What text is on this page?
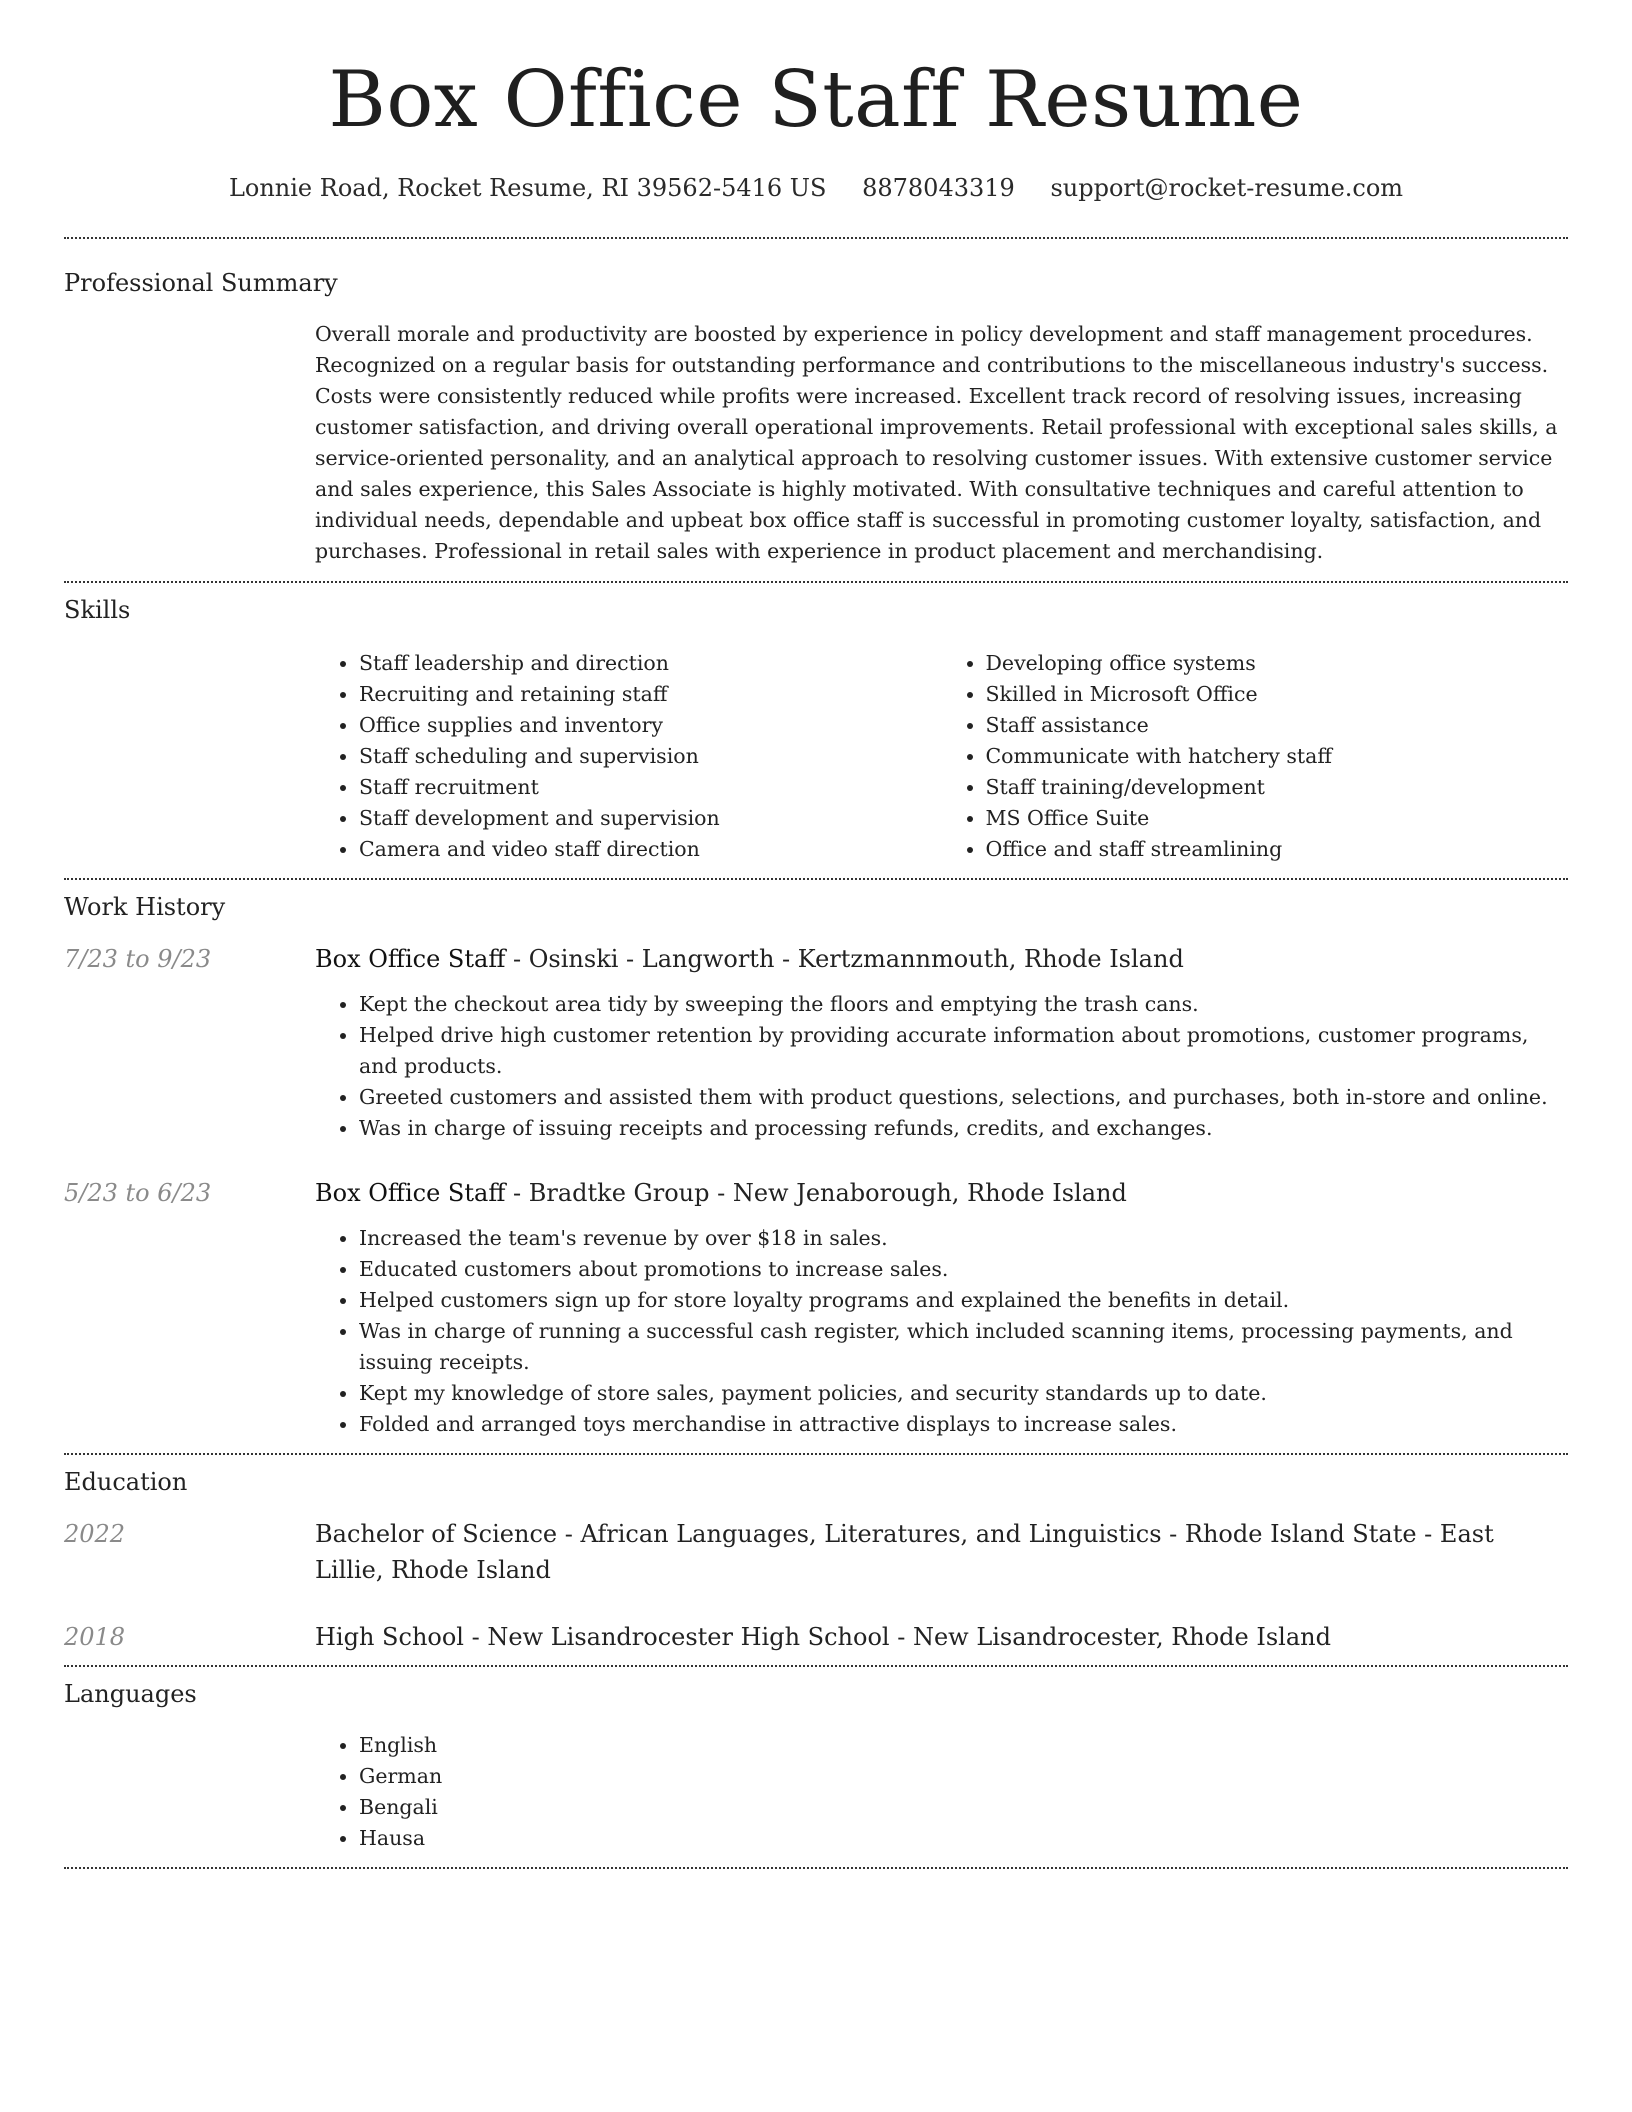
Box Office Staff Resume
Lonnie Road, Rocket Resume, RI 39562-5416 US 8878043319 support@rocket-resume.com
Professional Summary

Overall morale and productivity are boosted by experience in policy development and staff management procedures. Recognized on a regular basis for outstanding performance and contributions to the miscellaneous industry's success. Costs were consistently reduced while profits were increased. Excellent track record of resolving issues, increasing customer satisfaction, and driving overall operational improvements. Retail professional with exceptional sales skills, a service-oriented personality, and an analytical approach to resolving customer issues. With extensive customer service and sales experience, this Sales Associate is highly motivated. With consultative techniques and careful attention to individual needs, dependable and upbeat box office staff is successful in promoting customer loyalty, satisfaction, and purchases. Professional in retail sales with experience in product placement and merchandising.

Skills
• Staff leadership and direction
• Recruiting and retaining staff
• Office supplies and inventory
• Staff scheduling and supervision
• Staff recruitment
• Staff development and supervision
• Camera and video staff direction
• Developing office systems
• Skilled in Microsoft Office
• Staff assistance
• Communicate with hatchery staff
• Staff training/development
• MS Office Suite
• Office and staff streamlining
Work History
7/23 to 9/23	Box Office Staff - Osinski - Langworth - Kertzmannmouth, Rhode Island

• Kept the checkout area tidy by sweeping the floors and emptying the trash cans.
• Helped drive high customer retention by providing accurate information about promotions, customer programs, and products.
• Greeted customers and assisted them with product questions, selections, and purchases, both in-store and online.
• Was in charge of issuing receipts and processing refunds, credits, and exchanges.
5/23 to 6/23	Box Office Staff - Bradtke Group - New Jenaborough, Rhode Island

• Increased the team's revenue by over $18 in sales.
• Educated customers about promotions to increase sales.
• Helped customers sign up for store loyalty programs and explained the benefits in detail.
• Was in charge of running a successful cash register, which included scanning items, processing payments, and issuing receipts.
• Kept my knowledge of store sales, payment policies, and security standards up to date.
• Folded and arranged toys merchandise in attractive displays to increase sales.
Education
2022	Bachelor of Science - African Languages, Literatures, and Linguistics - Rhode Island State - East Lillie, Rhode Island

2018	High School - New Lisandrocester High School - New Lisandrocester, Rhode Island

Languages
• English
• German
• Bengali
• Hausa
